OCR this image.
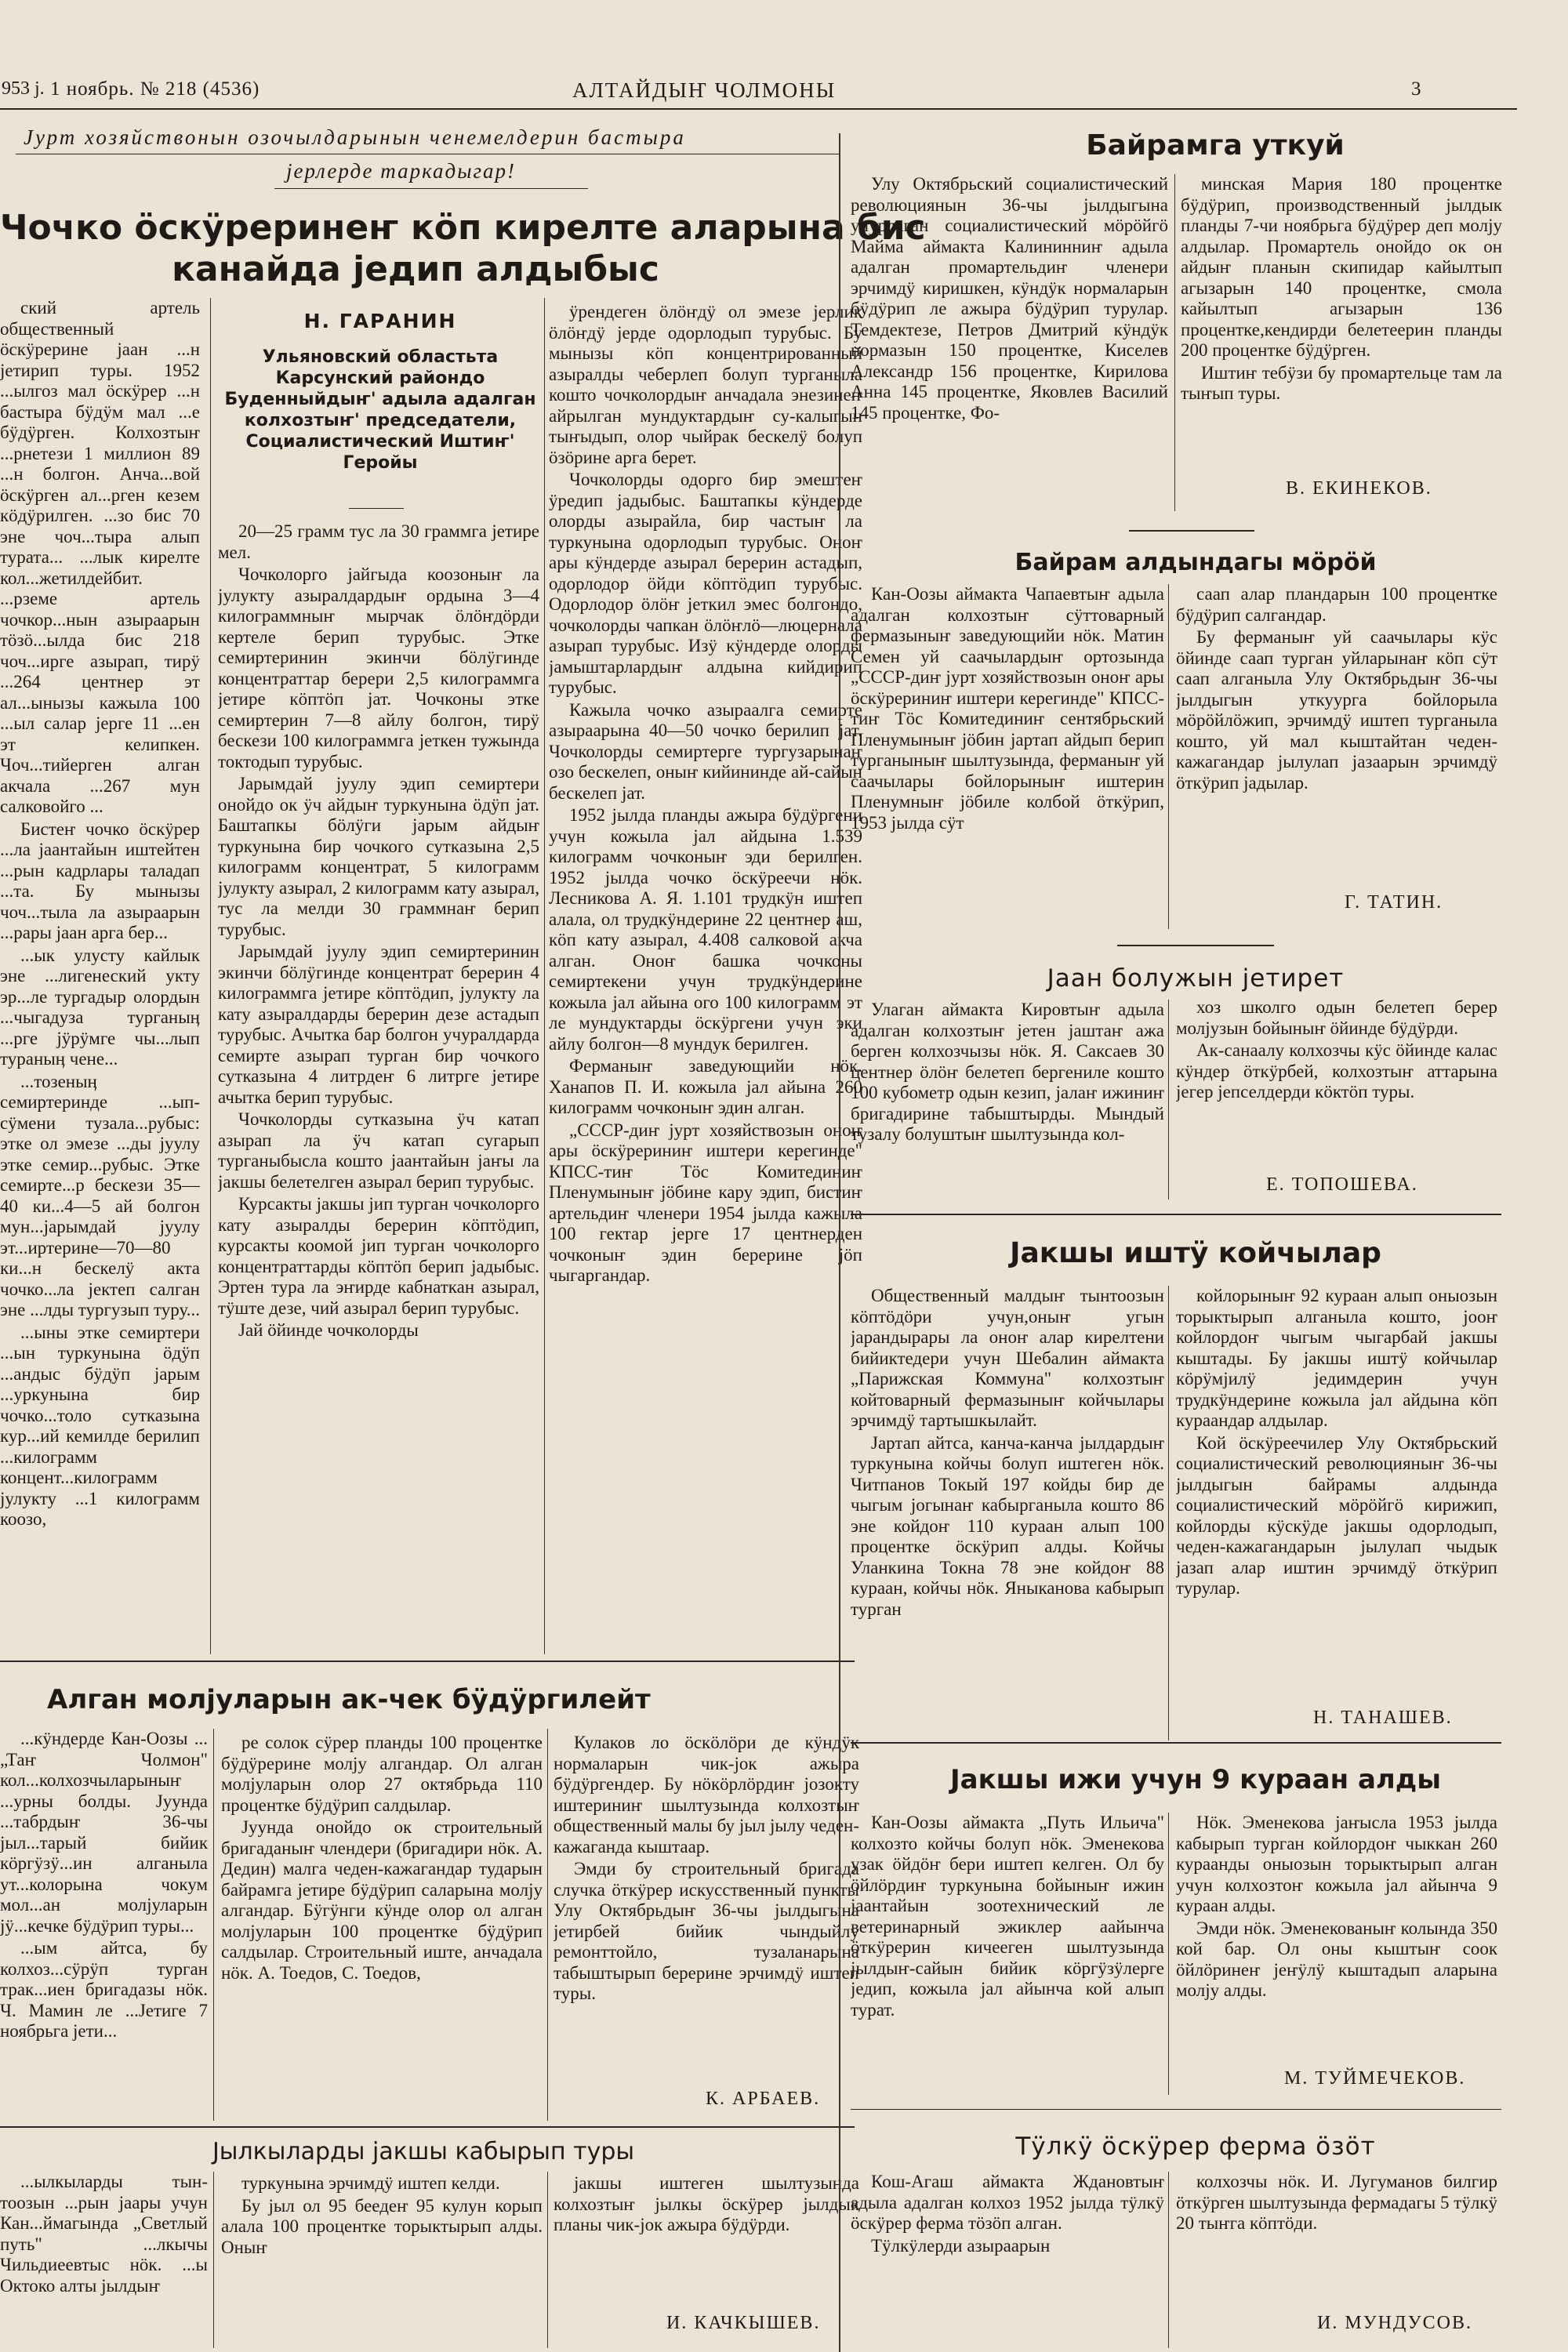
953 j. 1 ноябрь. № 218 (4536)	АЛТАЙДЫҤ ЧОЛМОНЫ	3
Јурт хозяйствонын озочылдарынын ченемелдерин бастыра
јерлерде таркадыгар!
Чочко öскÿреринеҥ кöп кирелте аларына бис
канайда једип алдыбыс

ский артель общественный öскÿрерине јаан ...н јетирип туры. 1952 ...ылгоз мал öскÿрер ...н бастыра бÿдÿм мал ...е бÿдÿрген. Колхозтыҥ ...рнетези 1 миллион 89 ...н болгон. Анча...вой öскÿрген ал...рген кезем кöдÿрилген. ...зо бис 70 эне чоч...тыра алып турата... ...лык кирелте кол...жетилдейбит. ...рземе артель чочкор...нын азыраарын тöзö...ылда бис 218 чоч...ирге азырап, тирÿ ...264 центнер эт ал...ынызы кажыла 100 ...ыл салар јерге 11 ...ен эт келипкен. Чоч...тийерген алган акчала ...267 мун салковойго ...

Бистеҥ чочко öскÿрер ...ла јаантайын иштейтен ...рын кадрлары таладап ...та. Бу мынызы чоч...тыла ла азыраарын ...рары јаан арга бер...

...ык улусту кайлык эне ...лигенеский укту эр...ле тургадыр олордын ...чыгадуза турганыӊ ...рге јÿрÿмге чы...лып тураныӊ чене...

...тозеныӊ семиртеринде ...ып-сÿмени тузала...рубыс: этке ол эмезе ...ды јуулу этке семир...рубыс. Этке семирте...р бескези 35—40 ки...4—5 ай болгон мун...јарымдай јуулу эт...иртерине—70—80 ки...н бескелÿ акта чочко...ла јектеп салган эне ...лды тургузып туру...

...ыны этке семиртери ...ын туркунына öдÿп ...андыс бÿдÿп јарым ...уркунына бир чочко...толо сутказына кур...ий кемилде берилип ...килограмм концент...килограмм јулукту ...1 килограмм коозо,

Н. ГАРАНИН
Ульяновский областьта
Карсунский райондо
Буденныйдыҥ' адыла адалган
колхозтыҥ' председатели,
Социалистический Иштиҥ'
Геройы

20—25 грамм тус ла 30 граммга јетире мел.

Чочколорго јайгыда коозоныҥ ла јулукту азыралдардыҥ ордына 3—4 килограммныҥ мырчак öлöҥдöрди кертеле берип турубыс. Этке семиртеринин экинчи бöлÿгинде концентраттар берери 2,5 килограммга јетире кöптöп јат. Чочконы этке семиртерин 7—8 айлу болгон, тирÿ бескези 100 килограммга јеткен тужында токтодып турубыс.

Јарымдай јуулу эдип семиртери онойдо ок ÿч айдыҥ туркунына öдÿп јат. Баштапкы бöлÿги јарым айдыҥ туркунына бир чочкого сутказына 2,5 килограмм концентрат, 5 килограмм јулукту азырал, 2 килограмм кату азырал, тус ла мелди 30 граммнаҥ берип турубыс.

Јарымдай јуулу эдип семиртеринин экинчи бöлÿгинде концентрат берерин 4 килограммга јетире кöптöдип, јулукту ла кату азыралдарды берерин дезе астадып турубыс. Ачытка бар болгон учуралдарда семирте азырап турган бир чочкого сутказына 4 литрдеҥ 6 литрге јетире ачытка берип турубыс.

Чочколорды сутказына ÿч катап азырап ла ÿч катап сугарып турганыбысла кошто јаантайын јаҥы ла јакшы белетелген азырал берип турубыс.

Курсакты јакшы јип турган чочколорго кату азыралды берерин кöптöдип, курсакты коомой јип турган чочколорго концентраттарды кöптöп берип јадыбыс. Эртен тура ла эҥирде кабнаткан азырал, тÿште дезе, чий азырал берип турубыс.

Јай öйинде чочколорды

ÿрендеген öлöҥдÿ ол эмезе јерлик öлöҥдÿ јерде одорлодып турубыс. Бу мынызы кöп концентрированный азыралды чеберлеп болуп турганыла кошто чочколордыҥ анчадала энезинеҥ айрылган мундуктардыҥ су-калыгын тыҥыдып, олор чыйрак бескелÿ болуп öзöрине арга берет.

Чочколорды одорго бир эмештеҥ ÿредип јадыбыс. Баштапкы кÿндерде олорды азырайла, бир частыҥ ла туркунына одорлодып турубыс. Оноҥ ары кÿндерде азырал берерин астадып, одорлодор öйди кöптöдип турубыс. Одорлодор öлöҥ јеткил эмес болгондо, чочколорды чапкан öлöҥлö—люцернала азырап турубыс. Изÿ кÿндерде олорды јамыштарлардыҥ алдына кийдирип турубыс.

Кажыла чочко азыраалга семирте азыраарына 40—50 чочко берилип јат. Чочколорды семиртерге тургузарынаҥ озо бескелеп, оныҥ кийининде ай-сайын бескелеп јат.

1952 јылда планды ажыра бÿдÿргени учун кожыла јал айдына 1.539 килограмм чочконыҥ эди берилген. 1952 јылда чочко öскÿреечи нöк. Лесникова А. Я. 1.101 трудкÿн иштеп алала, ол трудкÿндерине 22 центнер аш, кöп кату азырал, 4.408 салковой акча алган. Оноҥ башка чочконы семиртекени учун трудкÿндерине кожыла јал айына ого 100 килограмм эт ле мундуктарды öскÿргени учун эки айлу болгон—8 мундук берилген.

Ферманыҥ заведующийи нöк. Ханапов П. И. кожыла јал айына 260 килограмм чочконыҥ эдин алган.

„СССР-диҥ јурт хозяйствозын оноҥ ары öскÿрериниҥ иштери керегинде" КПСС-тиҥ Тöс Комитединиҥ Пленумыныҥ јöбине кару эдип, бистиҥ артельдиҥ членери 1954 јылда кажыла 100 гектар јерге 17 центнерден чочконыҥ эдин берерине јöп чыгаргандар.

Алган молјуларын ак-чек бÿдÿргилейт

...кÿндерде Кан-Оозы ...„Таҥ Чолмон" кол...колхозчыларыныҥ ...урны болды. Јуунда ...табрдыҥ 36-чы јыл...тарый бийик кöргÿзÿ...ин алганыла ут...колорына чокум мол...ан молјуларын јÿ...кечке бÿдÿрип туры...

...ым айтса, бу колхоз...сÿрÿп турган трак...иен бригадазы нöк. Ч. Мамин ле ...Јетиге 7 ноябрьга јети...

ре солок сÿрер планды 100 процентке бÿдÿрерине молју алгандар. Ол алган молјуларын олор 27 октябрьда 110 процентке бÿдÿрип салдылар.

Јуунда онойдо ок строительный бригаданыҥ члендери (бригадири нöк. А. Дедин) малга чеден-кажагандар тударын байрамга јетире бÿдÿрип саларына молју алгандар. Бÿгÿнги кÿнде олор ол алган молјуларын 100 процентке бÿдÿрип салдылар. Строительный иште, анчадала нöк. А. Тоедов, С. Тоедов,

Кулаков ло öскöлöри де кÿндÿк нормаларын чик-јок ажыра бÿдÿргендер. Бу нöкöрлöрдиҥ јозокту иштериниҥ шылтузында колхозтыҥ общественный малы бу јыл јылу чеден-кажаганда кыштаар.

Эмди бу строительный бригада случка öткÿрер искусственный пункты Улу Октябрьдыҥ 36-чы јылдыгына јетирбей бийик чындыйлу ремонттойло, тузаланарына табыштырып берерине эрчимдÿ иштеп туры.

К. АРБАЕВ.
Јылкыларды јакшы кабырып туры

...ылкыларды тын-тоозын ...рын јаары учун Кан...ймагында „Светлый путь" ...лкычы Чильдиеевтыс нöк. ...ы Октоко алты јылдыҥ

туркунына эрчимдÿ иштеп келди.

Бу јыл ол 95 беедеҥ 95 кулун корып алала 100 процентке торыктырып алды. Оныҥ

јакшы иштеген шылтузында колхозтыҥ јылкы öскÿрер јылдык планы чик-јок ажыра бÿдÿрди.

И. КАЧКЫШЕВ.
Байрамга уткуй

Улу Октябрьский социалистический революциянын 36-чы јылдыгына учурлаган социалистический мöрöйгö Майма аймакта Калининниҥ адыла адалган промартельдиҥ членери эрчимдÿ киришкен, кÿндÿк нормаларын бÿдÿрип ле ажыра бÿдÿрип турулар. Темдектезе, Петров Дмитрий кÿндÿк нормазын 150 процентке, Киселев Александр 156 процентке, Кирилова Анна 145 процентке, Яковлев Василий 145 процентке, Фо-

минская Мария 180 процентке бÿдÿрип, производственный јылдык планды 7-чи ноябрьга бÿдÿрер деп молју алдылар. Промартель онойдо ок он айдыҥ планын скипидар кайылтып агызарын 140 процентке, смола кайылтып агызарын 136 процентке,кендирди белетеерин планды 200 процентке бÿдÿрген.

Иштиҥ тебÿзи бу промартельце там ла тыҥып туры.

В. ЕКИНЕКОВ.
Байрам алдындагы мöрöй

Кан-Оозы аймакта Чапаевтыҥ адыла адалган колхозтыҥ сÿттоварный фермазыныҥ заведующийи нöк. Матин Семен уй саачылардыҥ ортозында „СССР-диҥ јурт хозяйствозын оноҥ ары öскÿрериниҥ иштери керегинде" КПСС-тиҥ Тöс Комитединиҥ сентябрьский Пленумыныҥ јöбин јартап айдып берип турганыныҥ шылтузында, ферманыҥ уй саачылары бойлорыныҥ иштерин Пленумныҥ јöбиле колбой öткÿрип, 1953 јылда сÿт

саап алар пландарын 100 процентке бÿдÿрип салгандар.

Бу ферманыҥ уй саачылары кÿс öйинде саап турган уйларынаҥ кöп сÿт саап алганыла Улу Октябрьдыҥ 36-чы јылдыгын уткуурга бойлорыла мöрöйлöжип, эрчимдÿ иштеп турганыла кошто, уй мал кыштайтан чеден-кажагандар јылулап јазаарын эрчимдÿ öткÿрип јадылар.

Г. ТАТИН.
Јаан болужын јетирет

Улаган аймакта Кировтыҥ адыла адалган колхозтыҥ јетен јаштаҥ ажа берген колхозчызы нöк. Я. Саксаев 30 центнер öлöҥ белетеп бергениле кошто 100 кубометр одын кезип, јалаҥ ижиниҥ бригадирине табыштырды. Мындый тузалу болуштыҥ шылтузында кол-

хоз школго одын белетеп берер молјузын бойыныҥ öйинде бÿдÿрди.

Ак-санаалу колхозчы кÿс öйинде калас кÿндер öткÿрбей, колхозтыҥ аттарына јегер јепселдерди кöктöп туры.

Е. ТОПОШЕВА.
Јакшы иштÿ койчылар

Общественный малдыҥ тынтоозын кöптöдöри учун,оныҥ угын јарандырары ла оноҥ алар кирелтени бийиктедери учун Шебалин аймакта „Парижская Коммуна" колхозтыҥ койтоварный фермазыныҥ койчылары эрчимдÿ тартышкылайт.

Јартап айтса, канча-канча јылдардыҥ туркунына койчы болуп иштеген нöк. Читпанов Токый 197 койды бир де чыгым јогынаҥ кабырганыла кошто 86 эне койдоҥ 110 кураан алып 100 процентке öскÿрип алды. Койчы Уланкина Токна 78 эне койдоҥ 88 кураан, койчы нöк. Яныканова кабырып турган

койлорыныҥ 92 кураан алып оныозын торыктырып алганыла кошто, јооҥ койлордоҥ чыгым чыгарбай јакшы кыштады. Бу јакшы иштÿ койчылар кöрÿмјилÿ једимдерин учун трудкÿндерине кожыла јал айдына кöп кураандар алдылар.

Кой öскÿреечилер Улу Октябрьский социалистический революцияныҥ 36-чы јылдыгын байрамы алдында социалистический мöрöйгö кирижип, койлорды кÿскÿде јакшы одорлодып, чеден-кажагандарын јылулап чыдык јазап алар иштин эрчимдÿ öткÿрип турулар.

Н. ТАНАШЕВ.
Јакшы ижи учун 9 кураан алды

Кан-Оозы аймакта „Путь Ильича" колхозто койчы болуп нöк. Эменекова узак öйдöҥ бери иштеп келген. Ол бу öйлöрдиҥ туркунына бойыныҥ ижин јаантайын зоотехнический ле ветеринарный эжиклер аайынча öткÿрерин кичееген шылтузында јылдыҥ-сайын бийик кöргÿзÿлерге једип, кожыла јал айынча кой алып турат.

Нöк. Эменекова јаҥысла 1953 јылда кабырып турган койлордоҥ чыккан 260 кураанды оныозын торыктырып алган учун колхозтоҥ кожыла јал айынча 9 кураан алды.

Эмди нöк. Эменекованыҥ колында 350 кой бар. Ол оны кыштыҥ соок öйлöринеҥ јеҥÿлÿ кыштадып аларына молју алды.

М. ТУЙМЕЧЕКОВ.
Тÿлкÿ öскÿрер ферма öзöт

Кош-Агаш аймакта Ждановтыҥ адыла адалган колхоз 1952 јылда тÿлкÿ öскÿрер ферма тöзöп алган.

Тÿлкÿлерди азыраарын

колхозчы нöк. И. Лугуманов билгир öткÿрген шылтузында фермадагы 5 тÿлкÿ 20 тыҥга кöптöди.

И. МУНДУСОВ.
